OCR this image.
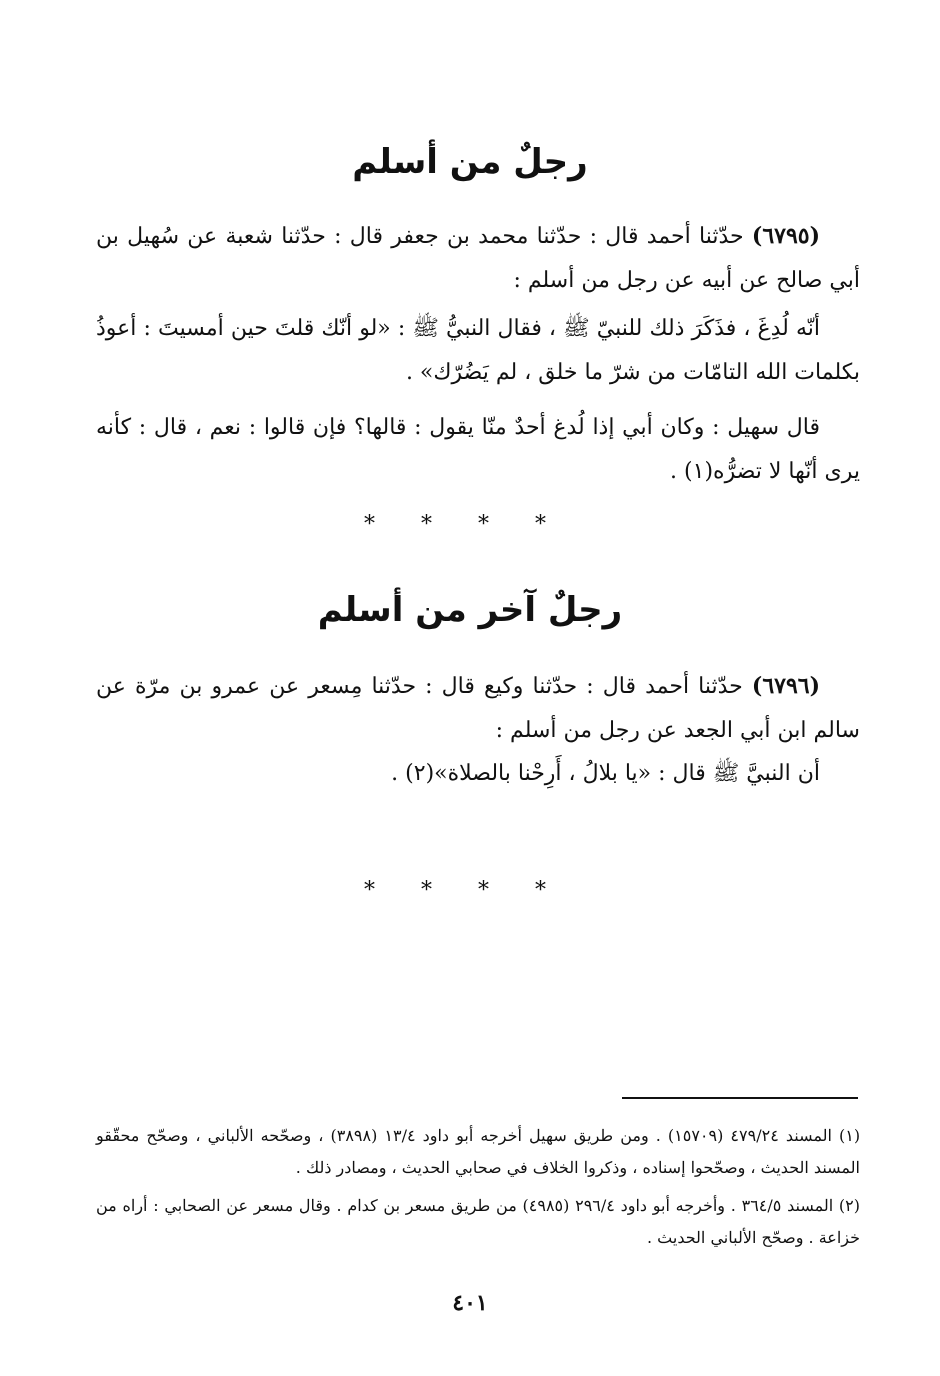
رجلٌ من أسلم

(٦٧٩٥) حدّثنا أحمد قال : حدّثنا محمد بن جعفر قال : حدّثنا شعبة عن سُهيل بن أبي صالح عن أبيه عن رجل من أسلم :

أنّه لُدِغَ ، فذَكَرَ ذلك للنبيّ ﷺ ، فقال النبيُّ ﷺ : «لو أنّك قلتَ حين أمسيتَ : أعوذُ بكلمات الله التامّات من شرّ ما خلق ، لم يَضُرّك» .

قال سهيل : وكان أبي إذا لُدغ أحدٌ منّا يقول : قالها؟ فإن قالوا : نعم ، قال : كأنه يرى أنّها لا تضرُّه(١) .

* * * *

رجلٌ آخر من أسلم

(٦٧٩٦) حدّثنا أحمد قال : حدّثنا وكيع قال : حدّثنا مِسعر عن عمرو بن مرّة عن سالم ابن أبي الجعد عن رجل من أسلم :

أن النبيَّ ﷺ قال : «يا بلالُ ، أَرِحْنا بالصلاة»(٢) .

* * * *

(١) المسند ٤٧٩/٢٤ (١٥٧٠٩) . ومن طريق سهيل أخرجه أبو داود ١٣/٤ (٣٨٩٨) ، وصحّحه الألباني ، وصحّح محقّقو المسند الحديث ، وصحّحوا إسناده ، وذكروا الخلاف في صحابي الحديث ، ومصادر ذلك .

(٢) المسند ٣٦٤/٥ . وأخرجه أبو داود ٢٩٦/٤ (٤٩٨٥) من طريق مسعر بن كدام . وقال مسعر عن الصحابي : أراه من خزاعة . وصحّح الألباني الحديث .

٤٠١
